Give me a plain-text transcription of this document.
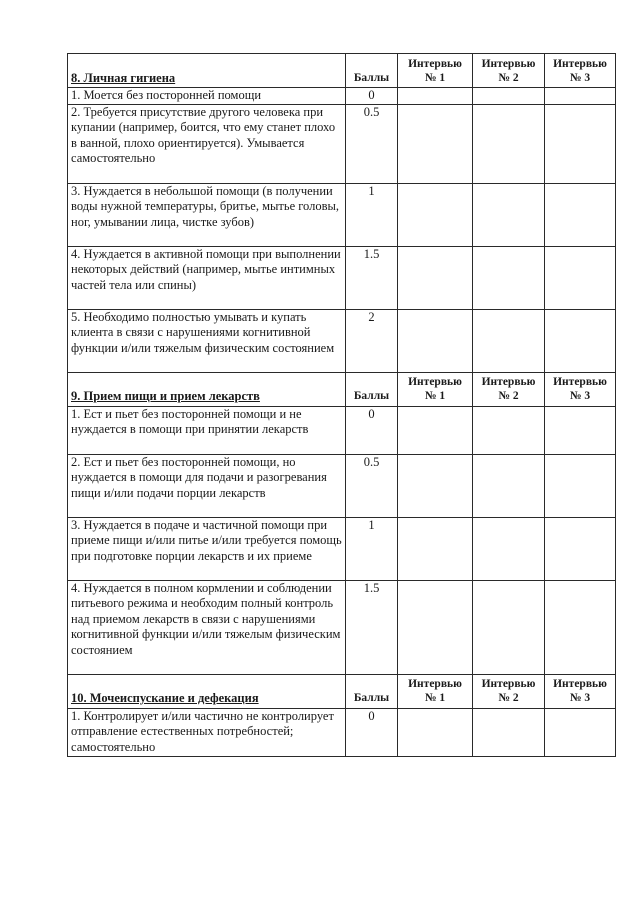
8. Личная гигиена	Баллы	Интервью № 1	Интервью № 2	Интервью № 3
1. Моется без посторонней помощи	0			
2. Требуется присутствие другого человека при купании (например, боится, что ему станет плохо в ванной, плохо ориентируется). Умывается самостоятельно	0.5			
3. Нуждается в небольшой помощи (в получении воды нужной температуры, бритье, мытье головы, ног, умывании лица, чистке зубов)	1			
4. Нуждается в активной помощи при выполнении некоторых действий (например, мытье интимных частей тела или спины)	1.5			
5. Необходимо полностью умывать и купать клиента в связи с нарушениями когнитивной функции и/или тяжелым физическим состоянием	2			
9. Прием пищи и прием лекарств	Баллы	Интервью № 1	Интервью № 2	Интервью № 3
1. Ест и пьет без посторонней помощи и не нуждается в помощи при принятии лекарств	0			
2. Ест и пьет без посторонней помощи, но нуждается в помощи для подачи и разогревания пищи и/или подачи порции лекарств	0.5			
3. Нуждается в подаче и частичной помощи при приеме пищи и/или питье и/или требуется помощь при подготовке порции лекарств и их приеме	1			
4. Нуждается в полном кормлении и соблюдении питьевого режима и необходим полный контроль над приемом лекарств в связи с нарушениями когнитивной функции и/или тяжелым физическим состоянием	1.5			
10. Мочеиспускание и дефекация	Баллы	Интервью № 1	Интервью № 2	Интервью № 3
1. Контролирует и/или частично не контролирует отправление естественных потребностей; самостоятельно	0			
